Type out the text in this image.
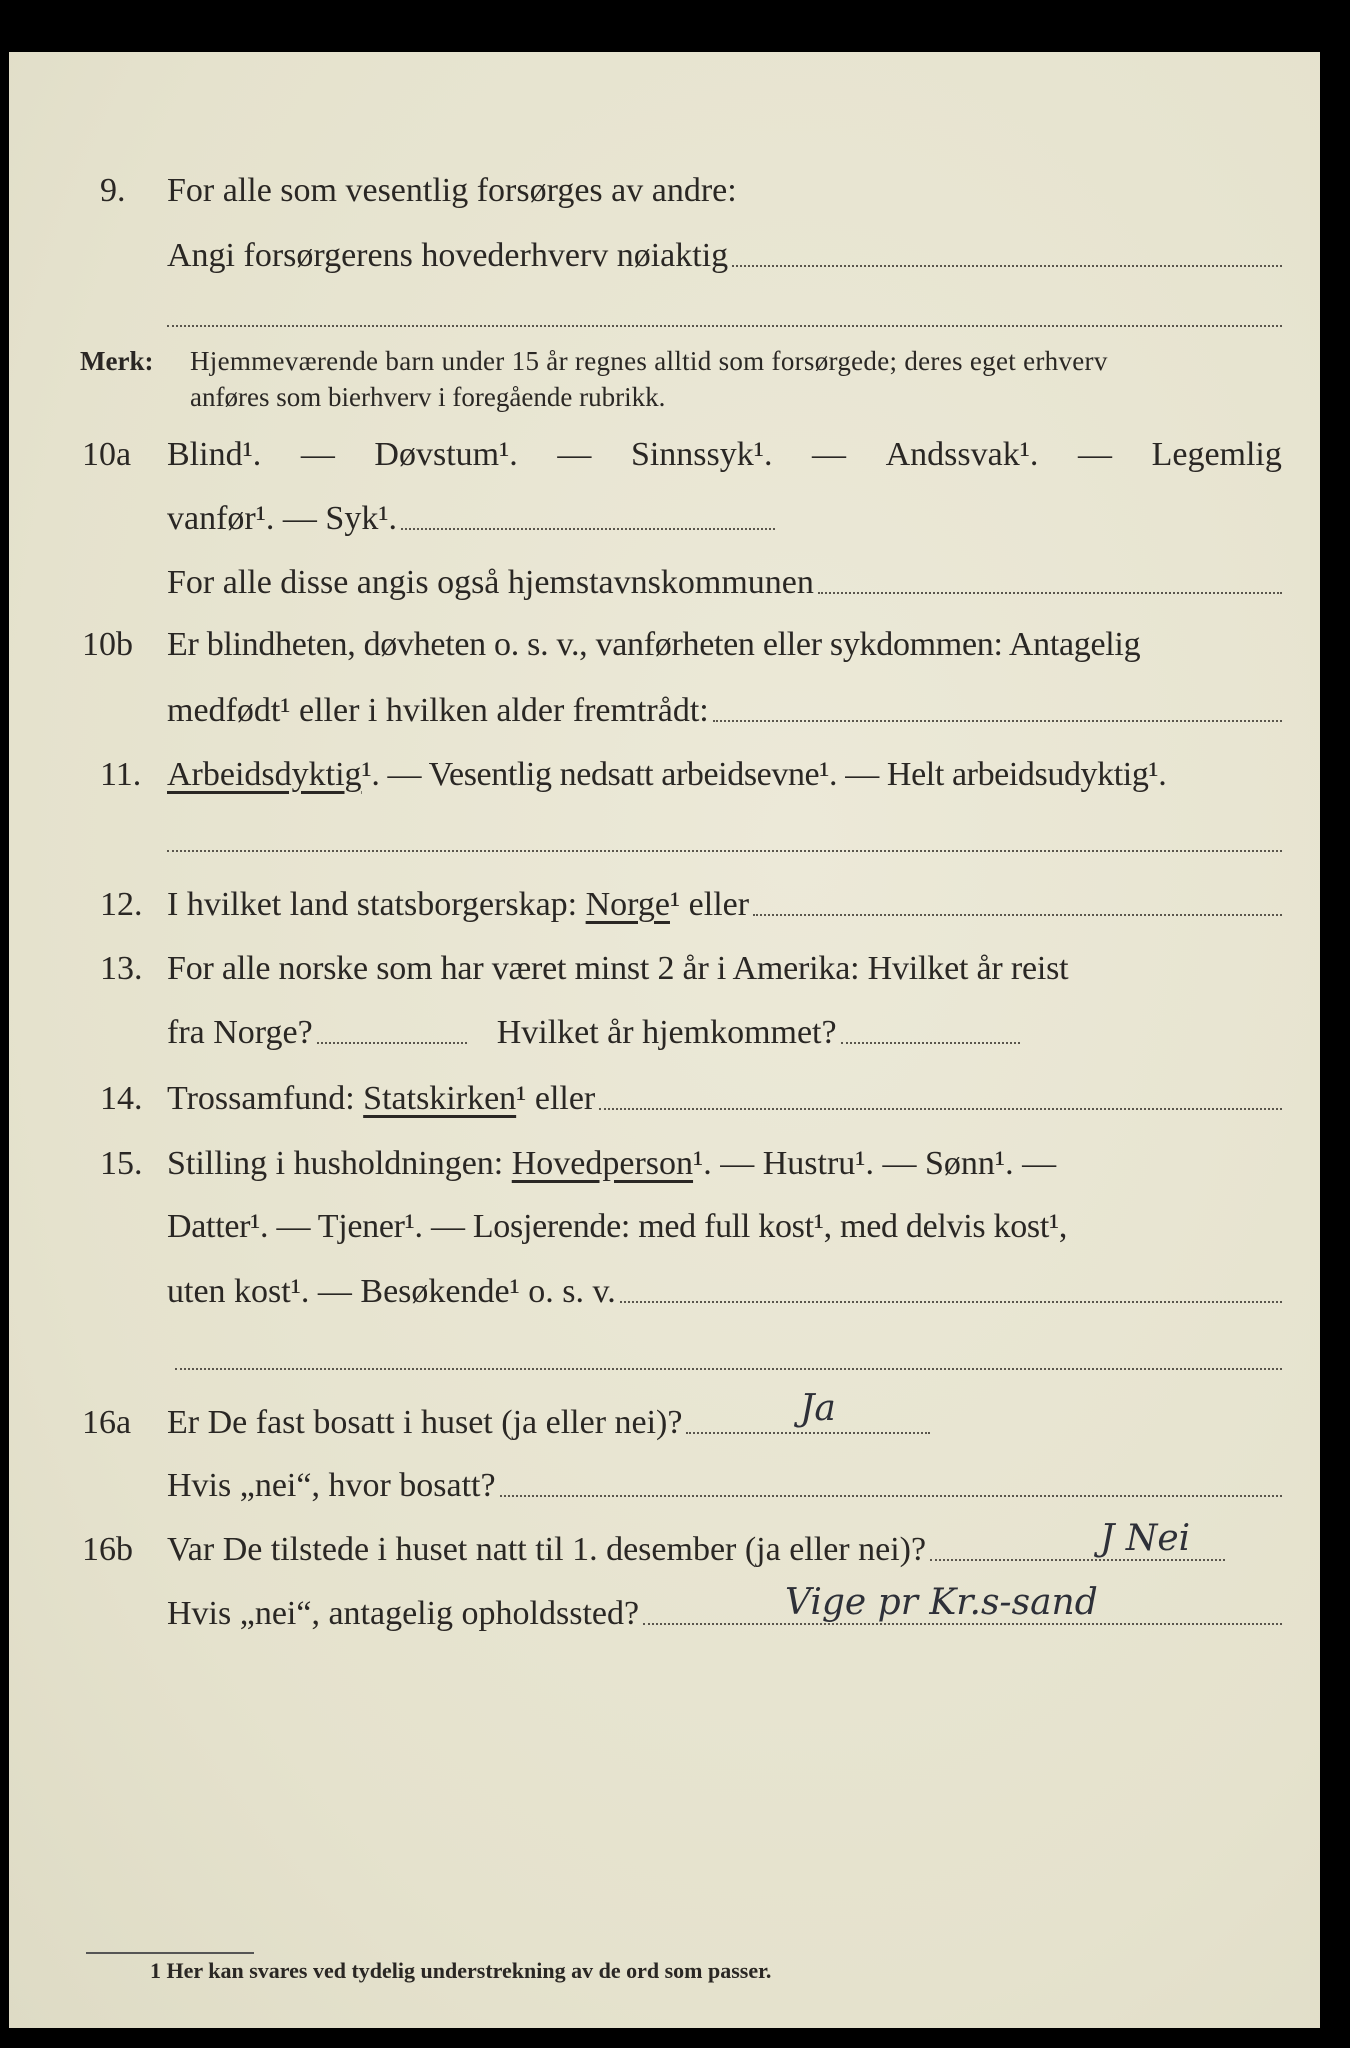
9. For alle som vesentlig forsørges av andre:
Angi forsørgerens hovederhverv nøiaktig
Merk: Hjemmeværende barn under 15 år regnes alltid som forsørgede; deres eget erhverv
anføres som bierhverv i foregående rubrikk.
10a Blind¹. — Døvstum¹. — Sinnssyk¹. — Andssvak¹. — Legemlig
vanfør¹. — Syk¹.
For alle disse angis også hjemstavnskommunen
10b Er blindheten, døvheten o. s. v., vanførheten eller sykdommen: Antagelig
medfødt¹ eller i hvilken alder fremtrådt:
11. Arbeidsdyktig ¹. — Vesentlig nedsatt arbeidsevne¹. — Helt arbeidsudyktig¹.
12. I hvilket land statsborgerskap:
Norge ¹ eller
13. For alle norske som har været minst 2 år i Amerika: Hvilket år reist
fra Norge?	Hvilket år hjemkommet?
14. Trossamfund:
Statskirken ¹ eller
15. Stilling i husholdningen:
Hovedperson ¹. — Hustru¹. — Sønn¹. —
Datter¹. — Tjener¹. — Losjerende: med full kost¹, med delvis kost¹,
uten kost¹. — Besøkende¹ o. s. v.
16a Er De fast bosatt i huset (ja eller nei)?	Ja
Hvis „nei“, hvor bosatt?
16b Var De tilstede i huset natt til 1. desember (ja eller nei)?	J Nei
Hvis „nei“, antagelig opholdssted?	Vige pr Kr.s-sand
1 Her kan svares ved tydelig understrekning av de ord som passer.
